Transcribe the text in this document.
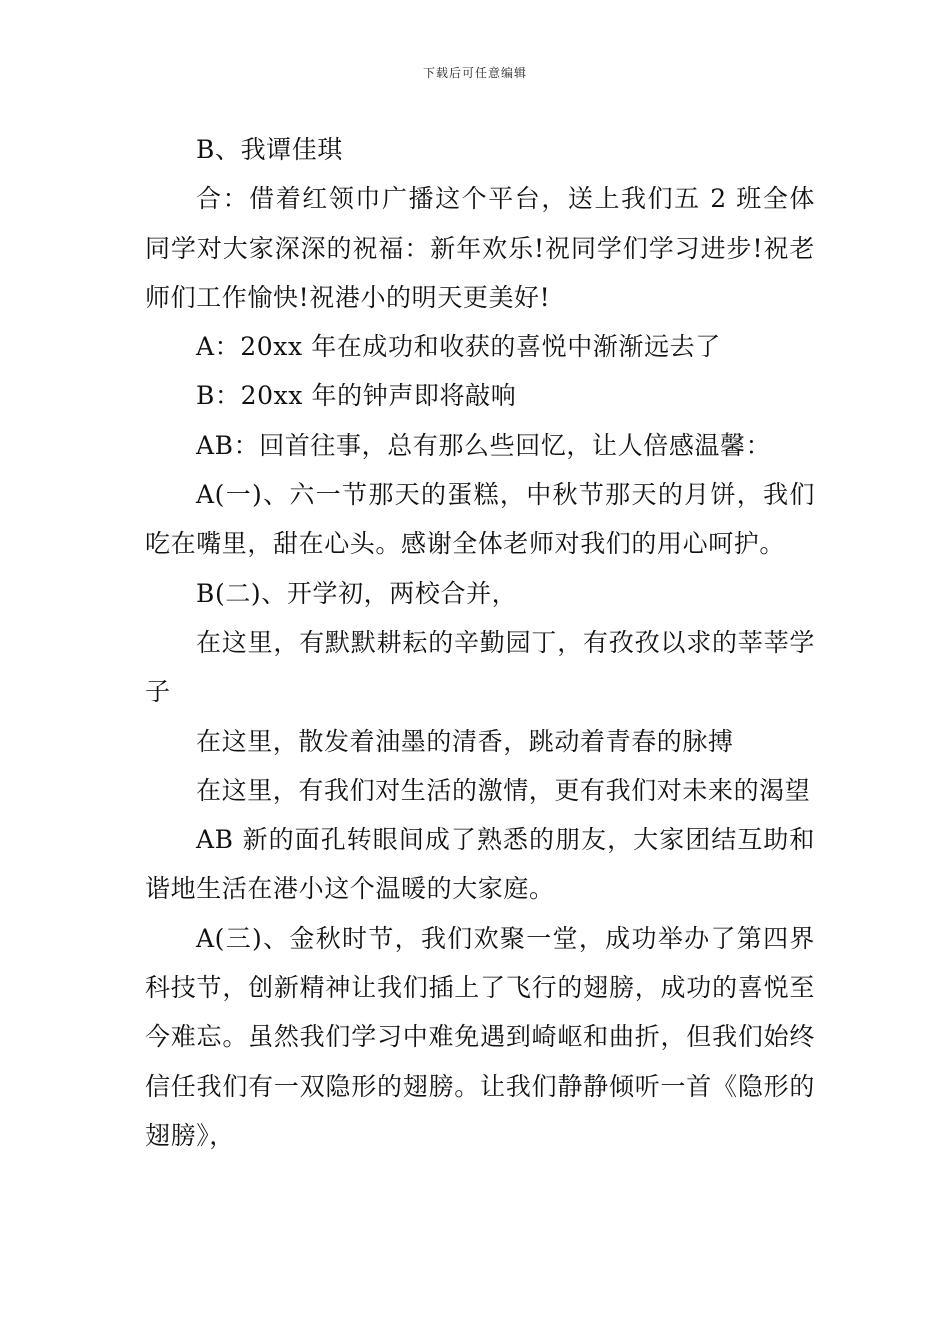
下载后可任意编辑

B、我谭佳琪

合：借着红领巾广播这个平台，送上我们五 2 班全体同学对大家深深的祝福：新年欢乐!祝同学们学习进步!祝老师们工作愉快!祝港小的明天更美好!

A：20xx 年在成功和收获的喜悦中渐渐远去了

B：20xx 年的钟声即将敲响

AB：回首往事，总有那么些回忆，让人倍感温馨：

A(一)、六一节那天的蛋糕，中秋节那天的月饼，我们吃在嘴里，甜在心头。感谢全体老师对我们的用心呵护。

B(二)、开学初，两校合并，

在这里，有默默耕耘的辛勤园丁，有孜孜以求的莘莘学子

在这里，散发着油墨的清香，跳动着青春的脉搏

在这里，有我们对生活的激情，更有我们对未来的渴望

AB 新的面孔转眼间成了熟悉的朋友，大家团结互助和谐地生活在港小这个温暖的大家庭。

A(三)、金秋时节，我们欢聚一堂，成功举办了第四界科技节，创新精神让我们插上了飞行的翅膀，成功的喜悦至今难忘。虽然我们学习中难免遇到崎岖和曲折，但我们始终信任我们有一双隐形的翅膀。让我们静静倾听一首《隐形的翅膀》，
